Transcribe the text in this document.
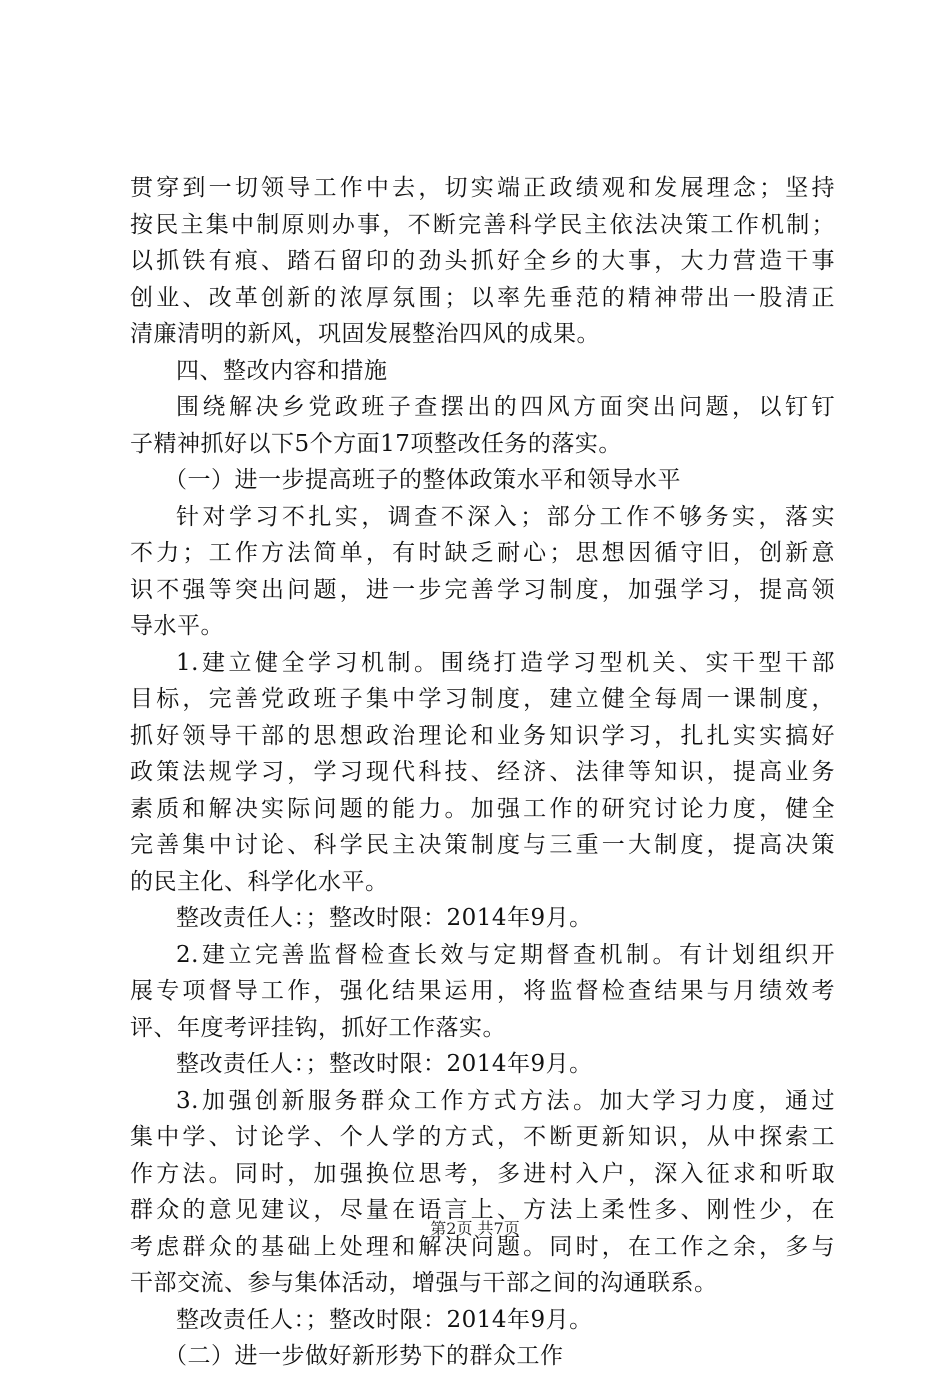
贯穿到一切领导工作中去，切实端正政绩观和发展理念；坚持
按民主集中制原则办事，不断完善科学民主依法决策工作机制；
以抓铁有痕、踏石留印的劲头抓好全乡的大事，大力营造干事
创业、改革创新的浓厚氛围；以率先垂范的精神带出一股清正
清廉清明的新风，巩固发展整治四风的成果。
四、整改内容和措施
围绕解决乡党政班子查摆出的四风方面突出问题，以钉钉
子精神抓好以下5个方面17项整改任务的落实。
（一）进一步提高班子的整体政策水平和领导水平
针对学习不扎实，调查不深入；部分工作不够务实，落实
不力；工作方法简单，有时缺乏耐心；思想因循守旧，创新意
识不强等突出问题，进一步完善学习制度，加强学习，提高领
导水平。
1.建立健全学习机制。围绕打造学习型机关、实干型干部
目标，完善党政班子集中学习制度，建立健全每周一课制度，
抓好领导干部的思想政治理论和业务知识学习，扎扎实实搞好
政策法规学习，学习现代科技、经济、法律等知识，提高业务
素质和解决实际问题的能力。加强工作的研究讨论力度，健全
完善集中讨论、科学民主决策制度与三重一大制度，提高决策
的民主化、科学化水平。
整改责任人：；整改时限：2014年9月。
2.建立完善监督检查长效与定期督查机制。有计划组织开
展专项督导工作，强化结果运用，将监督检查结果与月绩效考
评、年度考评挂钩，抓好工作落实。
整改责任人：；整改时限：2014年9月。
3.加强创新服务群众工作方式方法。加大学习力度，通过
集中学、讨论学、个人学的方式，不断更新知识，从中探索工
作方法。同时，加强换位思考，多进村入户，深入征求和听取
群众的意见建议，尽量在语言上、方法上柔性多、刚性少，在
考虑群众的基础上处理和解决问题。同时，在工作之余，多与
干部交流、参与集体活动，增强与干部之间的沟通联系。
整改责任人：；整改时限：2014年9月。
（二）进一步做好新形势下的群众工作
第2页 共7页
